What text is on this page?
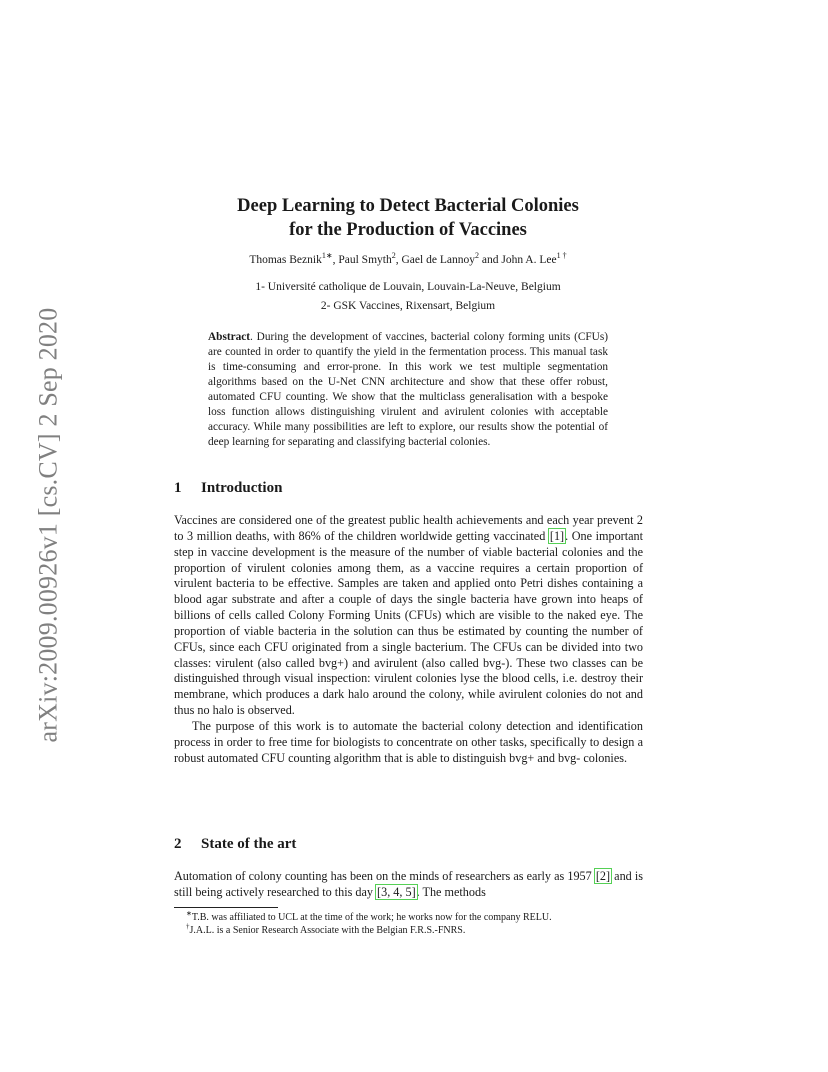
arXiv:2009.00926v1 [cs.CV] 2 Sep 2020
Deep Learning to Detect Bacterial Colonies
for the Production of Vaccines
Thomas Beznik$^{1∗}$, Paul Smyth$^2$, Gael de Lannoy$^2$ and John A. Lee$^{1 \dagger}$
1- Université catholique de Louvain, Louvain-La-Neuve, Belgium
2- GSK Vaccines, Rixensart, Belgium
Abstract. During the development of vaccines, bacterial colony forming units (CFUs) are counted in order to quantify the yield in the fermentation process. This manual task is time-consuming and error-prone. In this work we test multiple segmentation algorithms based on the U-Net CNN architecture and show that these offer robust, automated CFU counting. We show that the multiclass generalisation with a bespoke loss function allows distinguishing virulent and avirulent colonies with acceptable accuracy. While many possibilities are left to explore, our results show the potential of deep learning for separating and classifying bacterial colonies.
1 Introduction

Vaccines are considered one of the greatest public health achievements and each year prevent 2 to 3 million deaths, with 86% of the children worldwide getting vaccinated [1]. One important step in vaccine development is the measure of the number of viable bacterial colonies and the proportion of virulent colonies among them, as a vaccine requires a certain proportion of virulent bacteria to be effective. Samples are taken and applied onto Petri dishes containing a blood agar substrate and after a couple of days the single bacteria have grown into heaps of billions of cells called Colony Forming Units (CFUs) which are visible to the naked eye. The proportion of viable bacteria in the solution can thus be estimated by counting the number of CFUs, since each CFU originated from a single bacterium. The CFUs can be divided into two classes: virulent (also called bvg+) and avirulent (also called bvg-). These two classes can be distinguished through visual inspection: virulent colonies lyse the blood cells, i.e. destroy their membrane, which produces a dark halo around the colony, while avirulent colonies do not and thus no halo is observed.

The purpose of this work is to automate the bacterial colony detection and identification process in order to free time for biologists to concentrate on other tasks, specifically to design a robust automated CFU counting algorithm that is able to distinguish bvg+ and bvg- colonies.

2 State of the art

Automation of colony counting has been on the minds of researchers as early as 1957 [2] and is still being actively researched to this day [3, 4, 5]. The methods

∗T.B. was affiliated to UCL at the time of the work; he works now for the company RELU.
†J.A.L. is a Senior Research Associate with the Belgian F.R.S.-FNRS.
